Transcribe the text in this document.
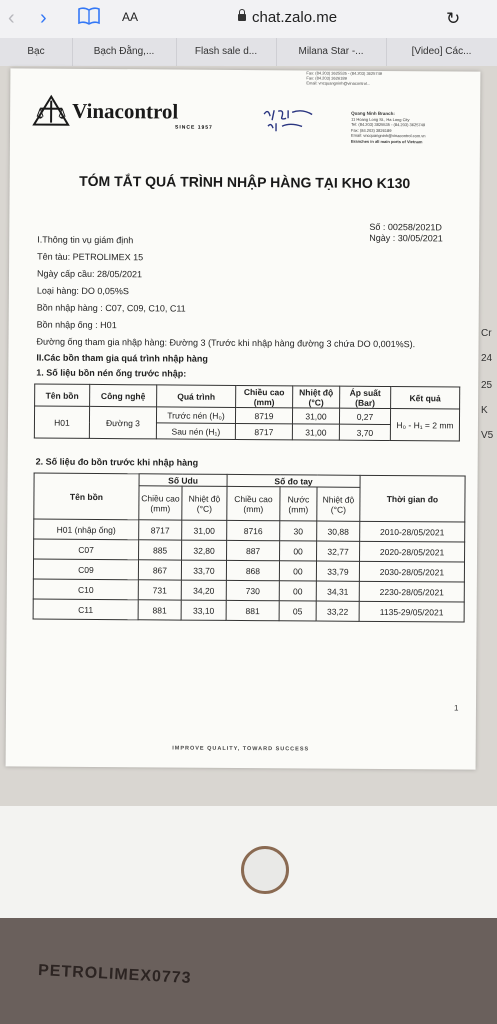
‹ ›	AA	chat.zalo.me	↻
Bạc	Bạch Đằng,...	Flash sale d...	Milana Star -...	[Video] Các...
Cr
24
25
K
V5
Fax: (84.203) 3625535 - (84.203) 3625749
Fax: (84.203) 3626189
Email: vncquangninh@vinacontrol...
Vinacontrol
SINCE 1957
Quang Ninh Branch:
11 Hoang Long St., Ha Long City
Tel: (84.203) 3825535 - (84.203) 3625749
Fax: (84.203) 3826189
Email: vncquangninh@vinacontrol.com.vn
Branches in all main ports of Vietnam
TÓM TẮT QUÁ TRÌNH NHẬP HÀNG TẠI KHO K130
Số : 00258/2021D
Ngày : 30/05/2021
I.Thông tin vụ giám định
Tên tàu: PETROLIMEX 15
Ngày cấp cầu: 28/05/2021
Loại hàng: DO 0,05%S
Bồn nhập hàng : C07, C09, C10, C11
Bồn nhập ống : H01
Đường ống tham gia nhập hàng: Đường 3 (Trước khi nhập hàng đường 3 chứa DO 0,001%S).
II.Các bồn tham gia quá trình nhập hàng
1. Số liệu bồn nén ống trước nhập:
Tên bồn	Công nghệ	Quá trình	Chiều cao (mm)	Nhiệt độ (°C)	Áp suất (Bar)	Kết quả
H01	Đường 3	Trước nén (H₀)	8719	31,00	0,27	H₀ - H₁ = 2 mm
		Sau nén (H₁)	8717	31,00	3,70	
2. Số liệu đo bồn trước khi nhập hàng
Tên bồn	Số Udu		Số đo tay			Thời gian đo
	Chiều cao (mm)	Nhiệt độ (°C)	Chiều cao (mm)	Nước (mm)	Nhiệt độ (°C)	
H01 (nhập ống)	8717	31,00	8716	30	30,88	2010-28/05/2021
C07	885	32,80	887	00	32,77	2020-28/05/2021
C09	867	33,70	868	00	33,79	2030-28/05/2021
C10	731	34,20	730	00	34,31	2230-28/05/2021
C11	881	33,10	881	05	33,22	1135-29/05/2021
1
IMPROVE QUALITY, TOWARD SUCCESS
PETROLIMEX0773
